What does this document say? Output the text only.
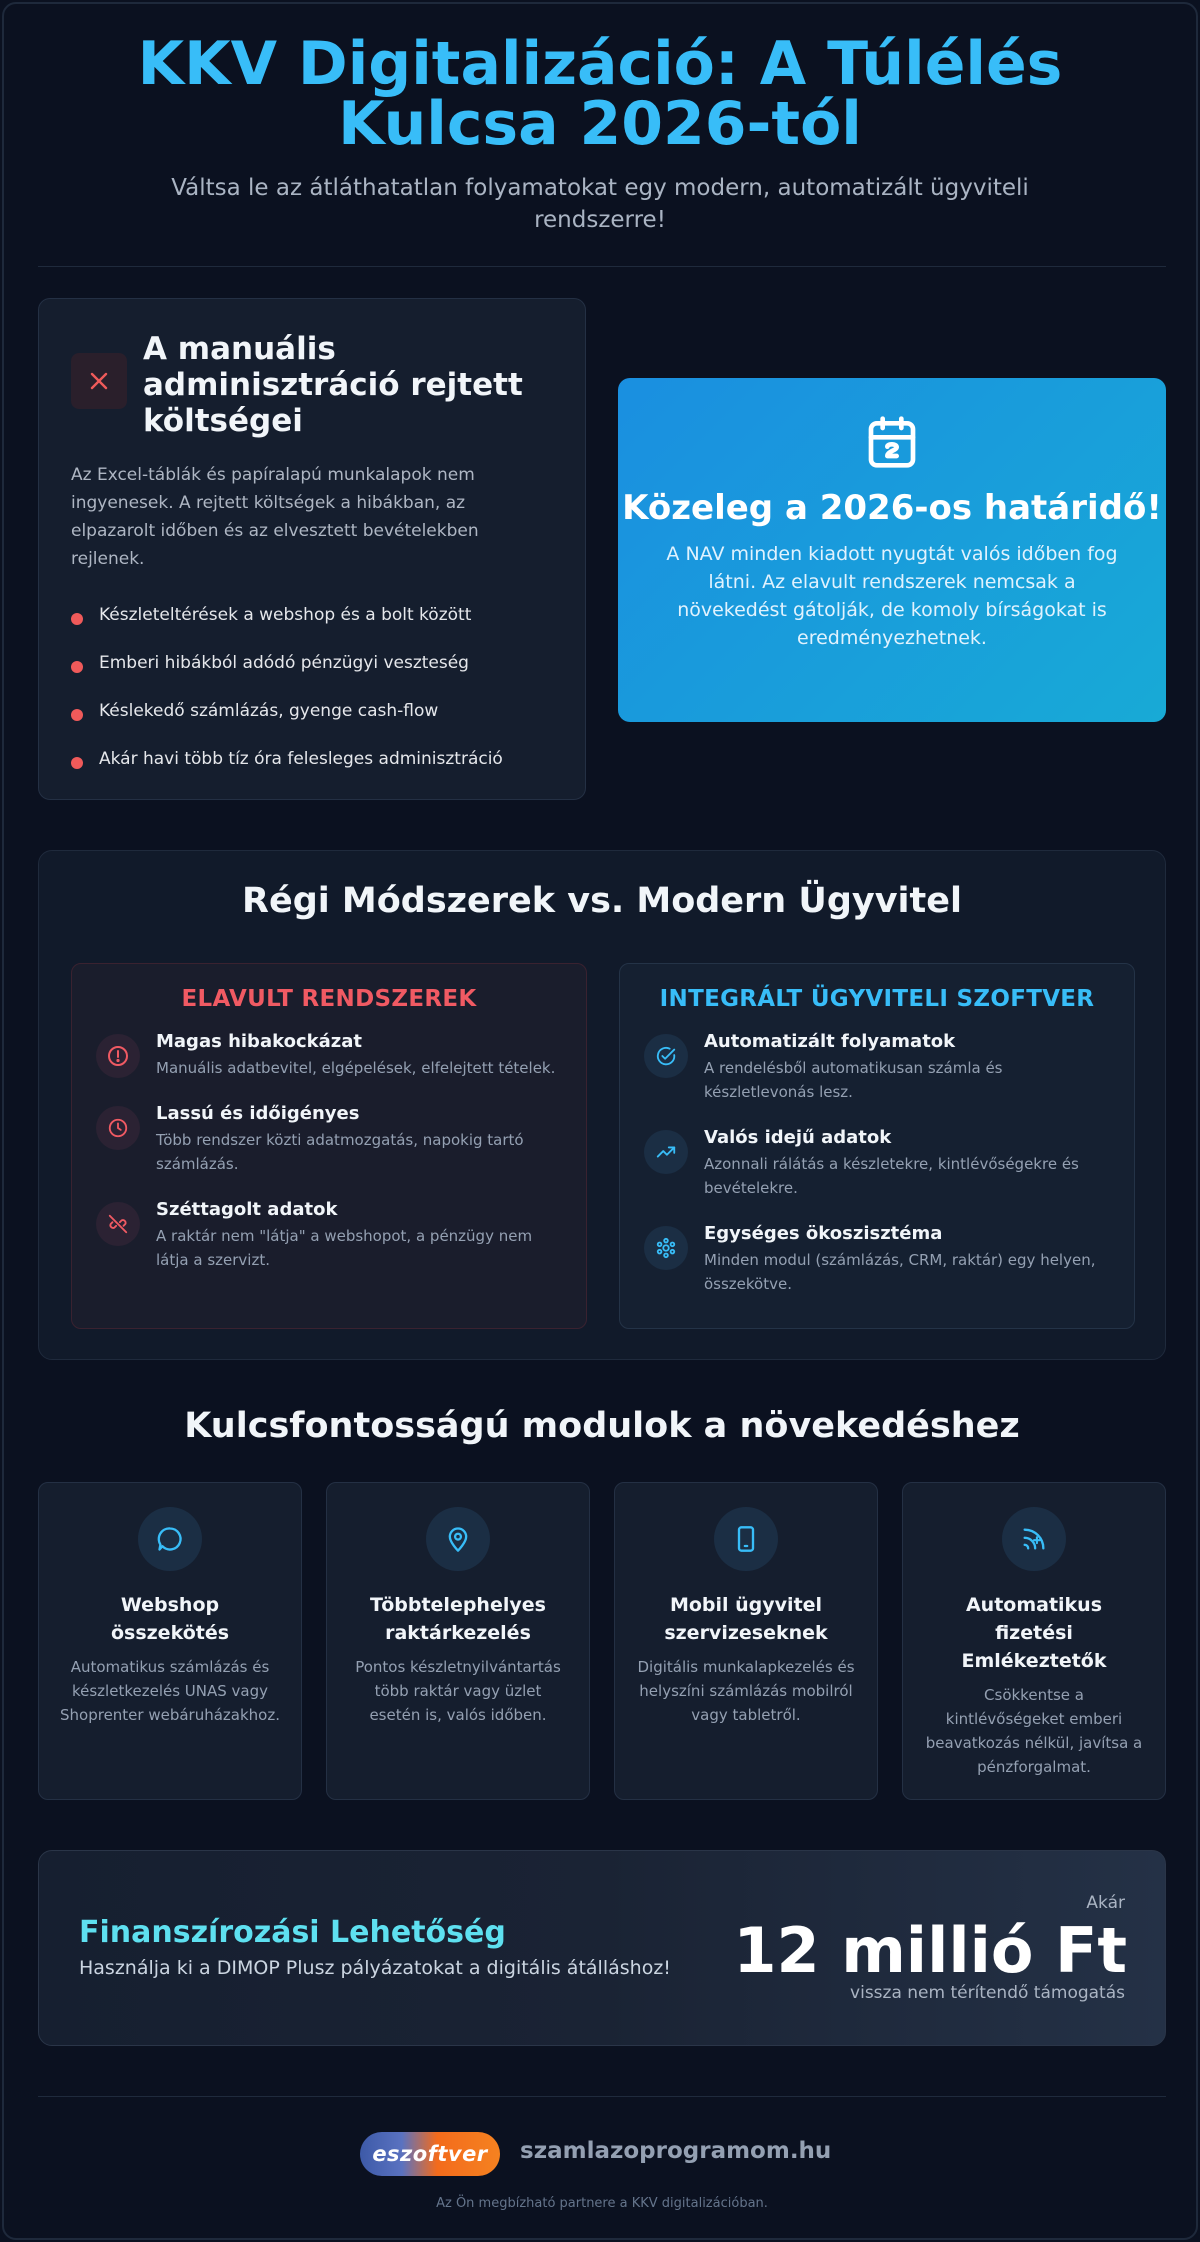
KKV Digitalizáció: A Túlélés Kulcsa 2026-tól

Váltsa le az átláthatatlan folyamatokat egy modern, automatizált ügyviteli rendszerre!

A manuális adminisztráció rejtett költségei

Az Excel-táblák és papíralapú munkalapok nem ingyenesek. A rejtett költségek a hibákban, az elpazarolt időben és az elvesztett bevételekben rejlenek.

Készleteltérések a webshop és a bolt között
Emberi hibákból adódó pénzügyi veszteség
Késlekedő számlázás, gyenge cash-flow
Akár havi több tíz óra felesleges adminisztráció
Közeleg a 2026-os határidő!

A NAV minden kiadott nyugtát valós időben fog látni. Az elavult rendszerek nemcsak a növekedést gátolják, de komoly bírságokat is eredményezhetnek.

Régi Módszerek vs. Modern Ügyvitel
ELAVULT RENDSZEREK
Magas hibakockázat
Manuális adatbevitel, elgépelések, elfelejtett tételek.
Lassú és időigényes
Több rendszer közti adatmozgatás, napokig tartó számlázás.
Széttagolt adatok
A raktár nem "látja" a webshopot, a pénzügy nem látja a szervizt.
INTEGRÁLT ÜGYVITELI SZOFTVER
Automatizált folyamatok
A rendelésből automatikusan számla és készletlevonás lesz.
Valós idejű adatok
Azonnali rálátás a készletekre, kintlévőségekre és bevételekre.
Egységes ökoszisztéma
Minden modul (számlázás, CRM, raktár) egy helyen, összekötve.
Kulcsfontosságú modulok a növekedéshez
Webshop összekötés
Automatikus számlázás és készletkezelés UNAS vagy Shoprenter webáruházakhoz.
Többtelephelyes raktárkezelés
Pontos készletnyilvántartás több raktár vagy üzlet esetén is, valós időben.
Mobil ügyvitel szervizeseknek
Digitális munkalapkezelés és helyszíni számlázás mobilról vagy tabletről.
Automatikus fizetési Emlékeztetők
Csökkentse a kintlévőségeket emberi beavatkozás nélkül, javítsa a pénzforgalmat.
Finanszírozási Lehetőség
Használja ki a DIMOP Plusz pályázatokat a digitális átálláshoz!
Akár
12 millió Ft
vissza nem térítendő támogatás
eszoftver szamlazoprogramom.hu
Az Ön megbízható partnere a KKV digitalizációban.
